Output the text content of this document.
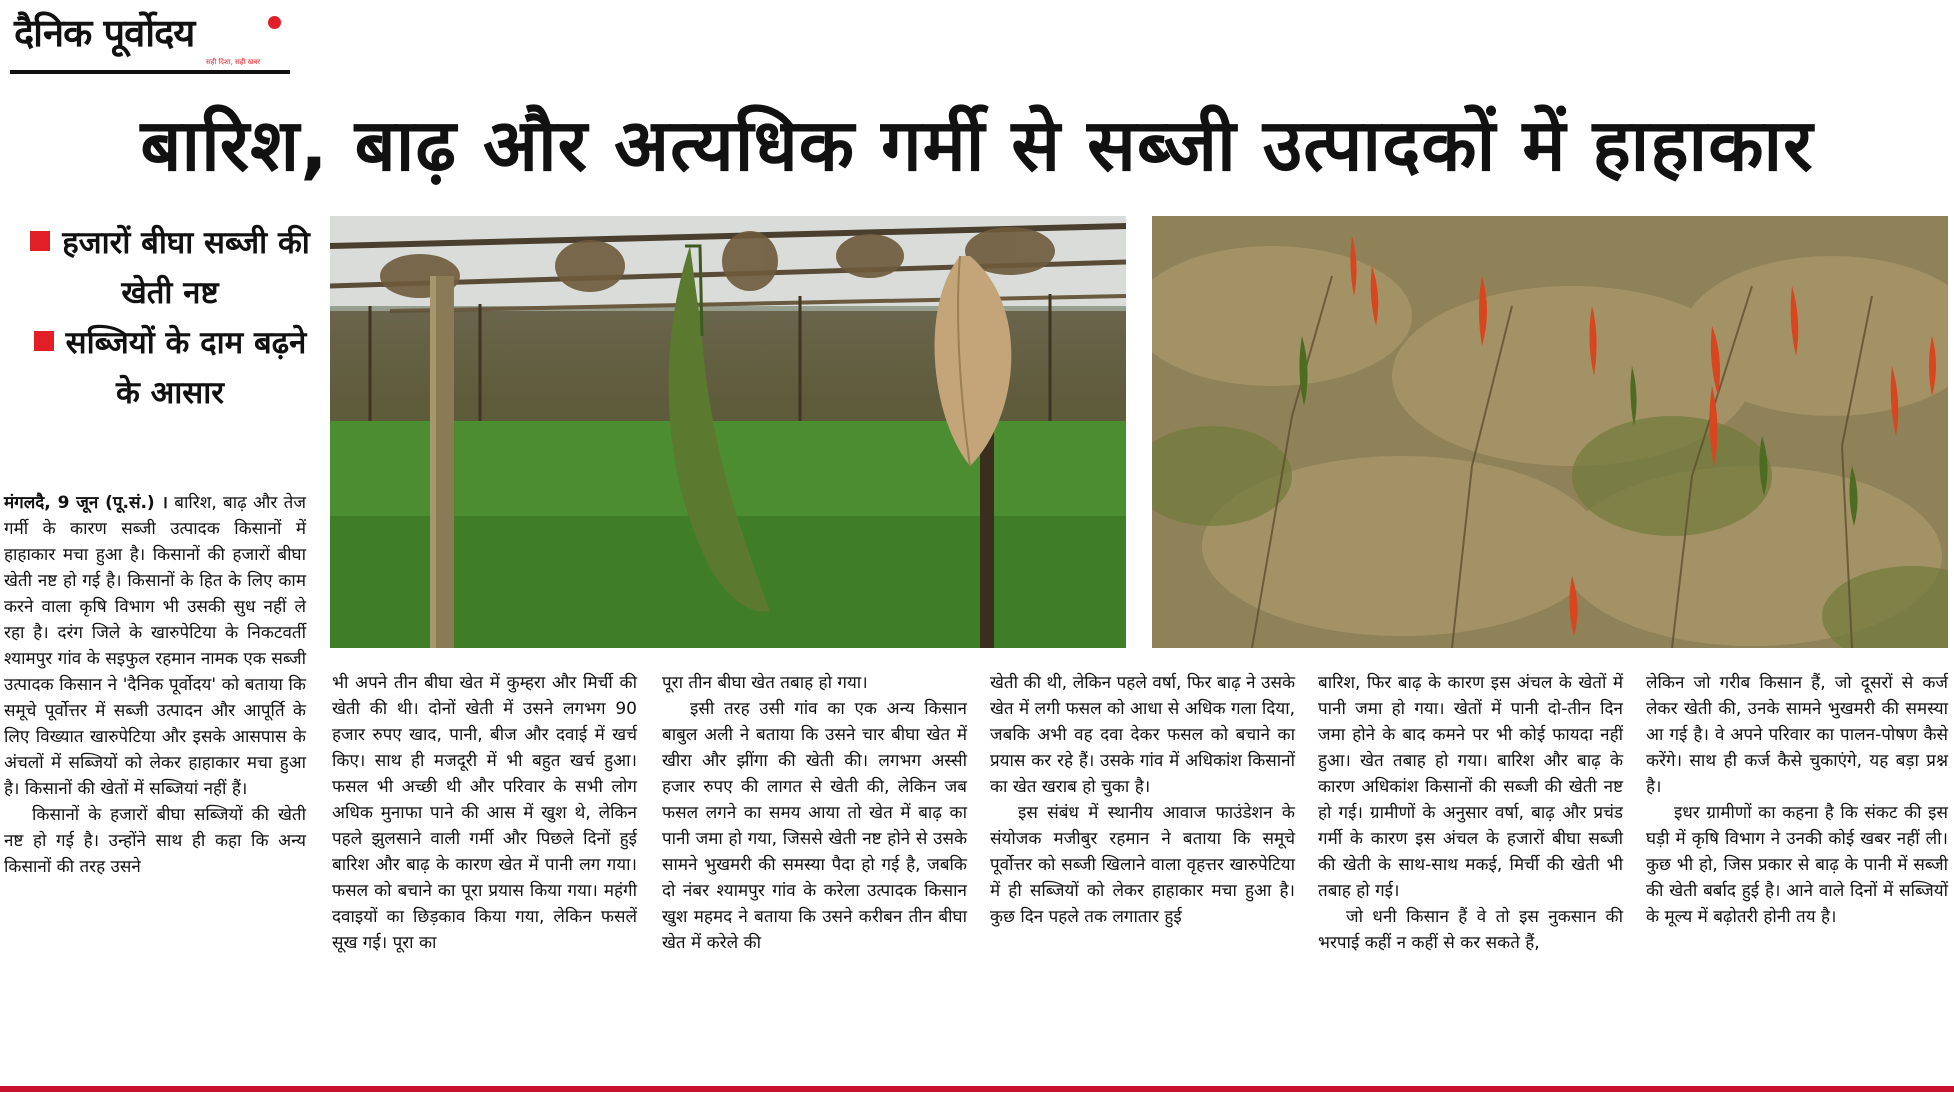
दैनिक पूर्वोदय
सही दिशा, सही खबर
बारिश, बाढ़ और अत्यधिक गर्मी से सब्जी उत्पादकों में हाहाकार
हजारों बीघा सब्जी की खेती नष्ट
सब्जियों के दाम बढ़ने के आसार

मंगलदै, 9 जून (पू.सं.) । बारिश, बाढ़ और तेज गर्मी के कारण सब्जी उत्पादक किसानों में हाहाकार मचा हुआ है। किसानों की हजारों बीघा खेती नष्ट हो गई है। किसानों के हित के लिए काम करने वाला कृषि विभाग भी उसकी सुध नहीं ले रहा है। दरंग जिले के खारुपेटिया के निकटवर्ती श्यामपुर गांव के सइफुल रहमान नामक एक सब्जी उत्पादक किसान ने 'दैनिक पूर्वोदय' को बताया कि समूचे पूर्वोत्तर में सब्जी उत्पादन और आपूर्ति के लिए विख्यात खारुपेटिया और इसके आसपास के अंचलों में सब्जियों को लेकर हाहाकार मचा हुआ है। किसानों की खेतों में सब्जियां नहीं हैं।

किसानों के हजारों बीघा सब्जियों की खेती नष्ट हो गई है। उन्होंने साथ ही कहा कि अन्य किसानों की तरह उसने

भी अपने तीन बीघा खेत में कुम्हरा और मिर्ची की खेती की थी। दोनों खेती में उसने लगभग 90 हजार रुपए खाद, पानी, बीज और दवाई में खर्च किए। साथ ही मजदूरी में भी बहुत खर्च हुआ। फसल भी अच्छी थी और परिवार के सभी लोग अधिक मुनाफा पाने की आस में खुश थे, लेकिन पहले झुलसाने वाली गर्मी और पिछले दिनों हुई बारिश और बाढ़ के कारण खेत में पानी लग गया। फसल को बचाने का पूरा प्रयास किया गया। महंगी दवाइयों का छिड़काव किया गया, लेकिन फसलें सूख गई। पूरा का

पूरा तीन बीघा खेत तबाह हो गया।

इसी तरह उसी गांव का एक अन्य किसान बाबुल अली ने बताया कि उसने चार बीघा खेत में खीरा और झींगा की खेती की। लगभग अस्सी हजार रुपए की लागत से खेती की, लेकिन जब फसल लगने का समय आया तो खेत में बाढ़ का पानी जमा हो गया, जिससे खेती नष्ट होने से उसके सामने भुखमरी की समस्या पैदा हो गई है, जबकि दो नंबर श्यामपुर गांव के करेला उत्पादक किसान खुश महमद ने बताया कि उसने करीबन तीन बीघा खेत में करेले की

खेती की थी, लेकिन पहले वर्षा, फिर बाढ़ ने उसके खेत में लगी फसल को आधा से अधिक गला दिया, जबकि अभी वह दवा देकर फसल को बचाने का प्रयास कर रहे हैं। उसके गांव में अधिकांश किसानों का खेत खराब हो चुका है।

इस संबंध में स्थानीय आवाज फाउंडेशन के संयोजक मजीबुर रहमान ने बताया कि समूचे पूर्वोत्तर को सब्जी खिलाने वाला वृहत्तर खारुपेटिया में ही सब्जियों को लेकर हाहाकार मचा हुआ है। कुछ दिन पहले तक लगातार हुई

बारिश, फिर बाढ़ के कारण इस अंचल के खेतों में पानी जमा हो गया। खेतों में पानी दो-तीन दिन जमा होने के बाद कमने पर भी कोई फायदा नहीं हुआ। खेत तबाह हो गया। बारिश और बाढ़ के कारण अधिकांश किसानों की सब्जी की खेती नष्ट हो गई। ग्रामीणों के अनुसार वर्षा, बाढ़ और प्रचंड गर्मी के कारण इस अंचल के हजारों बीघा सब्जी की खेती के साथ-साथ मकई, मिर्ची की खेती भी तबाह हो गई।

जो धनी किसान हैं वे तो इस नुकसान की भरपाई कहीं न कहीं से कर सकते हैं,

लेकिन जो गरीब किसान हैं, जो दूसरों से कर्ज लेकर खेती की, उनके सामने भुखमरी की समस्या आ गई है। वे अपने परिवार का पालन-पोषण कैसे करेंगे। साथ ही कर्ज कैसे चुकाएंगे, यह बड़ा प्रश्न है।

इधर ग्रामीणों का कहना है कि संकट की इस घड़ी में कृषि विभाग ने उनकी कोई खबर नहीं ली। कुछ भी हो, जिस प्रकार से बाढ़ के पानी में सब्जी की खेती बर्बाद हुई है। आने वाले दिनों में सब्जियों के मूल्य में बढ़ोतरी होनी तय है।
